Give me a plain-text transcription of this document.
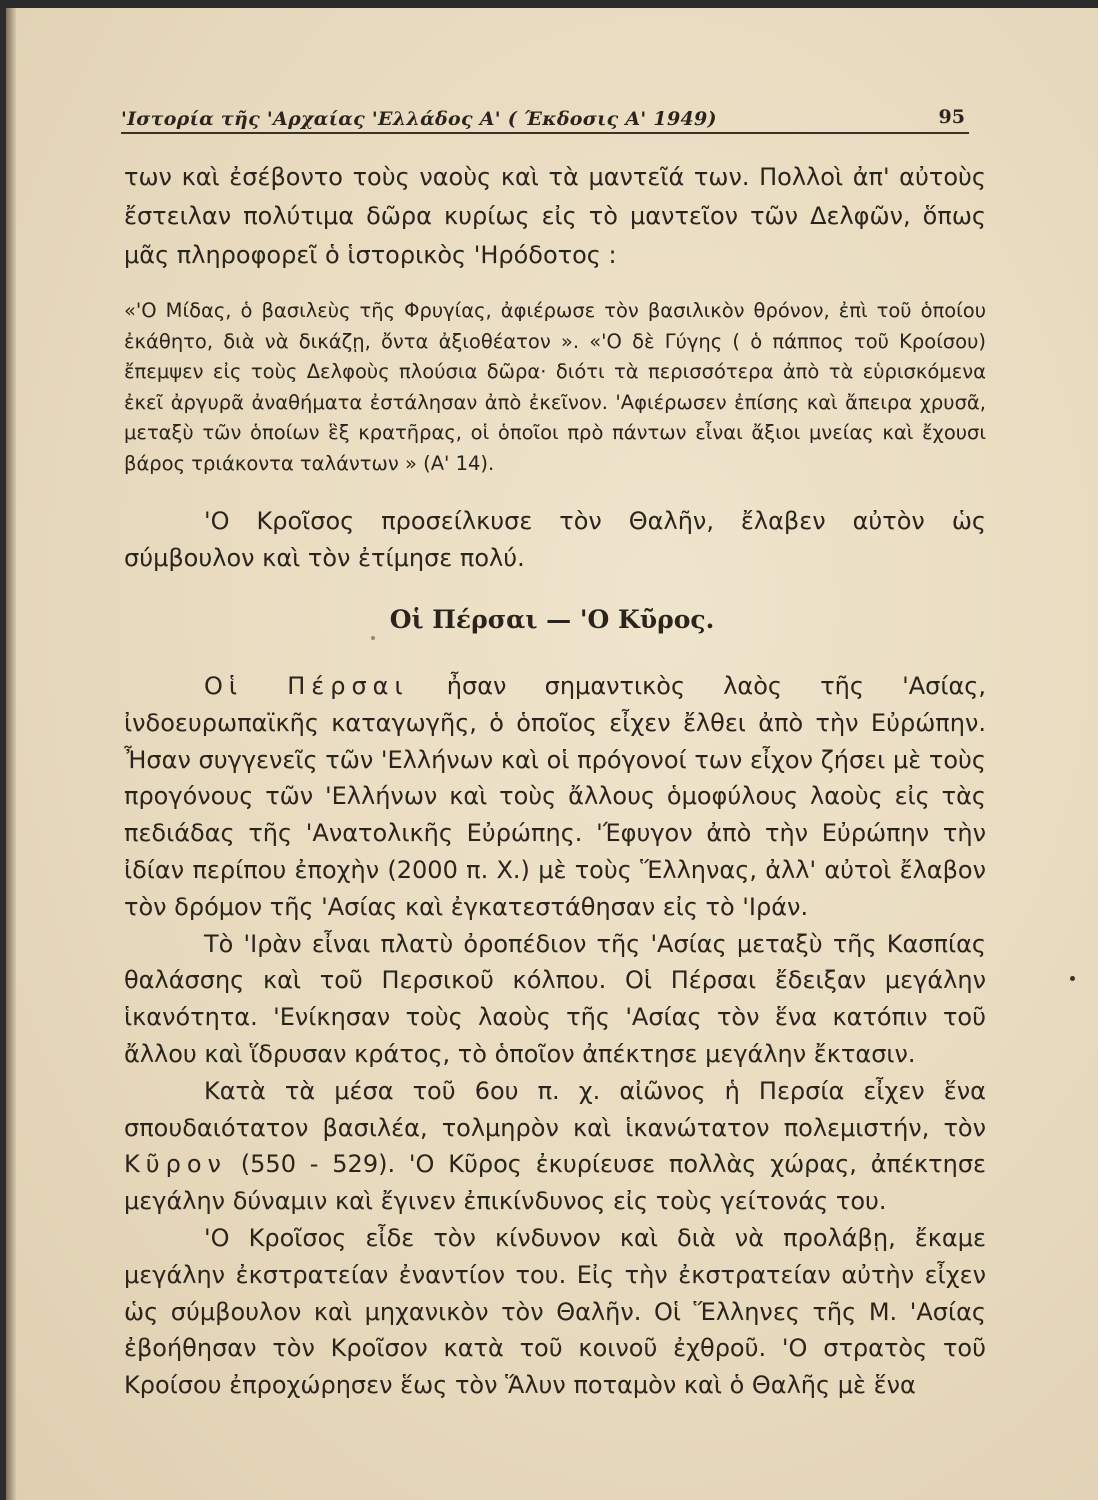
'Ιστορία τῆς 'Αρχαίας 'Ελλάδος Α' ( Έκδοσις Α' 1949)	95
των καὶ ἐσέβοντο τοὺς ναοὺς καὶ τὰ μαντεῖά των. Πολλοὶ ἀπ' αὐτοὺς ἔστειλαν πολύτιμα δῶρα κυρίως εἰς τὸ μαντεῖον τῶν Δελφῶν, ὅπως μᾶς πληροφορεῖ ὁ ἱστορικὸς 'Ηρόδοτος :
«'Ο Μίδας, ὁ βασιλεὺς τῆς Φρυγίας, ἀφιέρωσε τὸν βασιλικὸν θρόνον, ἐπὶ τοῦ ὁποίου ἐκάθητο, διὰ νὰ δικάζῃ, ὄντα ἀξιοθέατον ». «'Ο δὲ Γύγης ( ὁ πάππος τοῦ Κροίσου) ἔπεμψεν εἰς τοὺς Δελφοὺς πλούσια δῶρα· διότι τὰ περισσότερα ἀπὸ τὰ εὑρισκόμενα ἐκεῖ ἀργυρᾶ ἀναθήματα ἐστάλησαν ἀπὸ ἐκεῖνον. 'Αφιέρωσεν ἐπίσης καὶ ἄπειρα χρυσᾶ, μεταξὺ τῶν ὁποίων ἓξ κρατῆρας, οἱ ὁποῖοι πρὸ πάντων εἶναι ἄξιοι μνείας καὶ ἔχουσι βάρος τριάκοντα ταλάντων » (Α' 14).
'Ο Κροῖσος προσείλκυσε τὸν Θαλῆν, ἔλαβεν αὐτὸν ὡς σύμβουλον καὶ τὸν ἐτίμησε πολύ.
Οἱ Πέρσαι — 'Ο Κῦρος.

Οἱ Πέρσαι ἦσαν σημαντικὸς λαὸς τῆς 'Ασίας, ἰνδοευρωπαϊκῆς καταγωγῆς, ὁ ὁποῖος εἶχεν ἔλθει ἀπὸ τὴν Εὐρώπην. Ἦσαν συγγενεῖς τῶν 'Ελλήνων καὶ οἱ πρόγονοί των εἶχον ζήσει μὲ τοὺς προγόνους τῶν 'Ελλήνων καὶ τοὺς ἄλλους ὁμοφύλους λαοὺς εἰς τὰς πεδιάδας τῆς 'Ανατολικῆς Εὐρώπης. 'Έφυγον ἀπὸ τὴν Εὐρώπην τὴν ἰδίαν περίπου ἐποχὴν (2000 π. Χ.) μὲ τοὺς Ἕλληνας, ἀλλ' αὐτοὶ ἔλαβον τὸν δρόμον τῆς 'Ασίας καὶ ἐγκατεστάθησαν εἰς τὸ 'Ιράν.

Τὸ 'Ιρὰν εἶναι πλατὺ ὀροπέδιον τῆς 'Ασίας μεταξὺ τῆς Κασπίας θαλάσσης καὶ τοῦ Περσικοῦ κόλπου. Οἱ Πέρσαι ἔδειξαν μεγάλην ἱκανότητα. 'Ενίκησαν τοὺς λαοὺς τῆς 'Ασίας τὸν ἕνα κατόπιν τοῦ ἄλλου καὶ ἵδρυσαν κράτος, τὸ ὁποῖον ἀπέκτησε μεγάλην ἔκτασιν.

Κατὰ τὰ μέσα τοῦ 6ου π. χ. αἰῶνος ἡ Περσία εἶχεν ἕνα σπουδαιότατον βασιλέα, τολμηρὸν καὶ ἱκανώτατον πολεμιστήν, τὸν Κῦρον (550 - 529). 'Ο Κῦρος ἐκυρίευσε πολλὰς χώρας, ἀπέκτησε μεγάλην δύναμιν καὶ ἔγινεν ἐπικίνδυνος εἰς τοὺς γείτονάς του.

'Ο Κροῖσος εἶδε τὸν κίνδυνον καὶ διὰ νὰ προλάβῃ, ἔκαμε μεγάλην ἐκστρατείαν ἐναντίον του. Εἰς τὴν ἐκστρατείαν αὐτὴν εἶχεν ὡς σύμβουλον καὶ μηχανικὸν τὸν Θαλῆν. Οἱ Ἕλληνες τῆς Μ. 'Ασίας ἐβοήθησαν τὸν Κροῖσον κατὰ τοῦ κοινοῦ ἐχθροῦ. 'Ο στρατὸς τοῦ Κροίσου ἐπροχώρησεν ἕως τὸν Ἅλυν ποταμὸν καὶ ὁ Θαλῆς μὲ ἕνα
